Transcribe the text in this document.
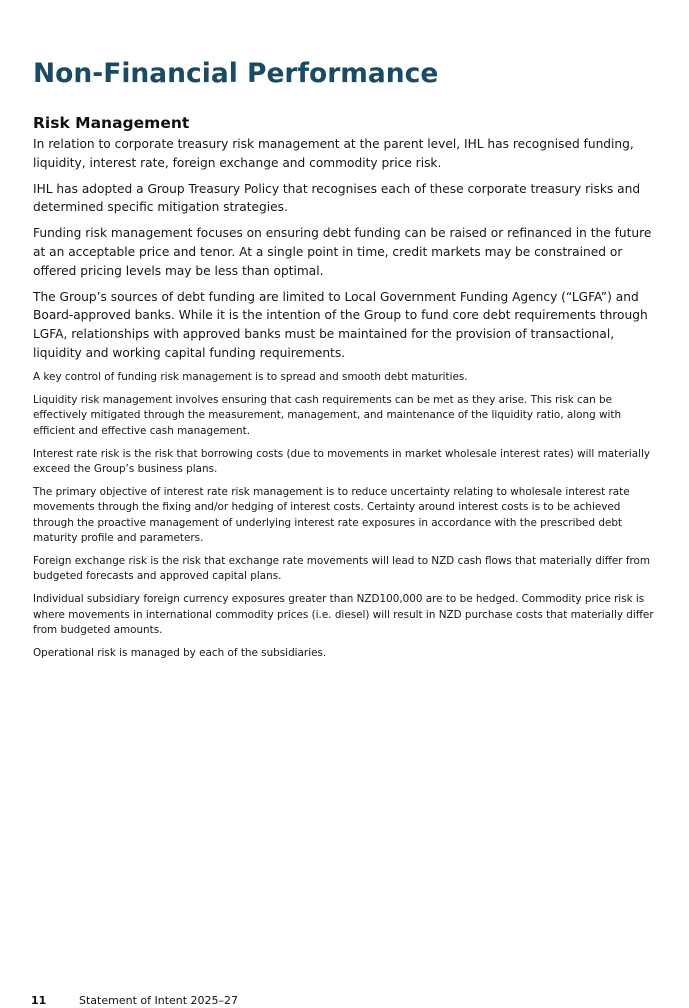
Non-Financial Performance
Risk Management

In relation to corporate treasury risk management at the parent level, IHL has recognised funding, liquidity, interest rate, foreign exchange and commodity price risk.

IHL has adopted a Group Treasury Policy that recognises each of these corporate treasury risks and determined specific mitigation strategies.

Funding risk management focuses on ensuring debt funding can be raised or refinanced in the future at an acceptable price and tenor. At a single point in time, credit markets may be constrained or offered pricing levels may be less than optimal.

The Group’s sources of debt funding are limited to Local Government Funding Agency (“LGFA”) and Board-approved banks. While it is the intention of the Group to fund core debt requirements through LGFA, relationships with approved banks must be maintained for the provision of transactional, liquidity and working capital funding requirements.

A key control of funding risk management is to spread and smooth debt maturities.

Liquidity risk management involves ensuring that cash requirements can be met as they arise. This risk can be effectively mitigated through the measurement, management, and maintenance of the liquidity ratio, along with efficient and effective cash management.

Interest rate risk is the risk that borrowing costs (due to movements in market wholesale interest rates) will materially exceed the Group’s business plans.

The primary objective of interest rate risk management is to reduce uncertainty relating to wholesale interest rate movements through the fixing and/or hedging of interest costs. Certainty around interest costs is to be achieved through the proactive management of underlying interest rate exposures in accordance with the prescribed debt maturity profile and parameters.

Foreign exchange risk is the risk that exchange rate movements will lead to NZD cash flows that materially differ from budgeted forecasts and approved capital plans.

Individual subsidiary foreign currency exposures greater than NZD100,000 are to be hedged. Commodity price risk is where movements in international commodity prices (i.e. diesel) will result in NZD purchase costs that materially differ from budgeted amounts.

Operational risk is managed by each of the subsidiaries.

11	Statement of Intent 2025–27
